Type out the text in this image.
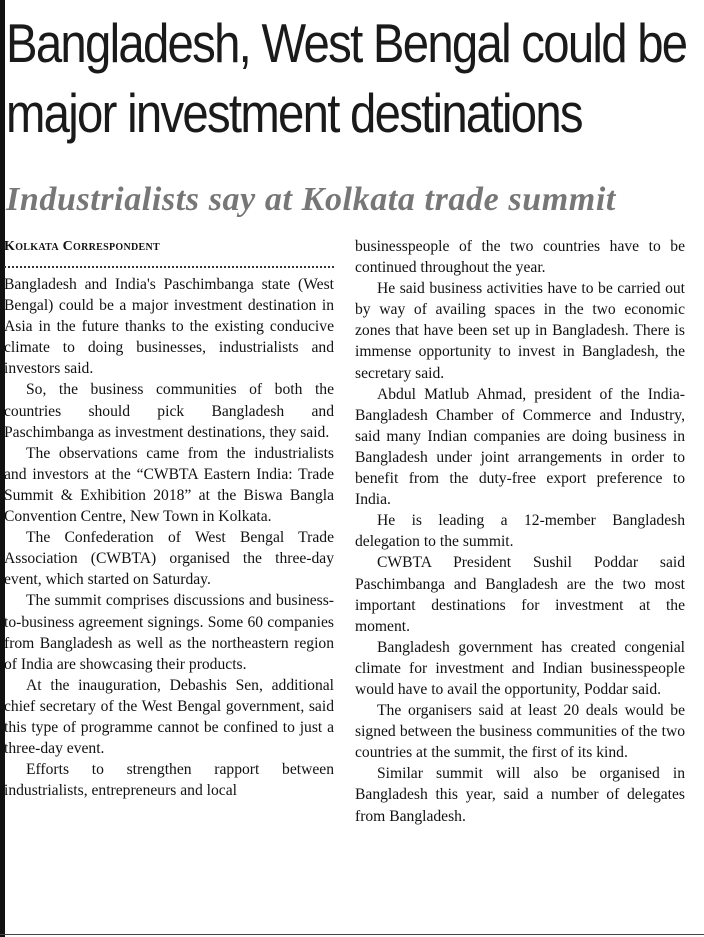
Bangladesh, West Bengal could be major investment destinations
Industrialists say at Kolkata trade summit
Kolkata Correspondent

Bangladesh and India's Paschimbanga state (West Bengal) could be a major investment destination in Asia in the future thanks to the existing conducive climate to doing businesses, industrialists and investors said.

So, the business communities of both the countries should pick Bangladesh and Paschimbanga as investment destinations, they said.

The observations came from the industrialists and investors at the “CWBTA Eastern India: Trade Summit & Exhibition 2018” at the Biswa Bangla Convention Centre, New Town in Kolkata.

The Confederation of West Bengal Trade Association (CWBTA) organised the three-day event, which started on Saturday.

The summit comprises discussions and business-to-business agreement signings. Some 60 companies from Bangladesh as well as the northeastern region of India are showcasing their products.

At the inauguration, Debashis Sen, additional chief secretary of the West Bengal government, said this type of programme cannot be confined to just a three-day event.

Efforts to strengthen rapport between industrialists, entrepreneurs and local

businesspeople of the two countries have to be continued throughout the year.

He said business activities have to be carried out by way of availing spaces in the two economic zones that have been set up in Bangladesh. There is immense opportunity to invest in Bangladesh, the secretary said.

Abdul Matlub Ahmad, president of the India-Bangladesh Chamber of Commerce and Industry, said many Indian companies are doing business in Bangladesh under joint arrangements in order to benefit from the duty-free export preference to India.

He is leading a 12-member Bangladesh delegation to the summit.

CWBTA President Sushil Poddar said Paschimbanga and Bangladesh are the two most important destinations for investment at the moment.

Bangladesh government has created congenial climate for investment and Indian businesspeople would have to avail the opportunity, Poddar said.

The organisers said at least 20 deals would be signed between the business communities of the two countries at the summit, the first of its kind.

Similar summit will also be organised in Bangladesh this year, said a number of delegates from Bangladesh.
